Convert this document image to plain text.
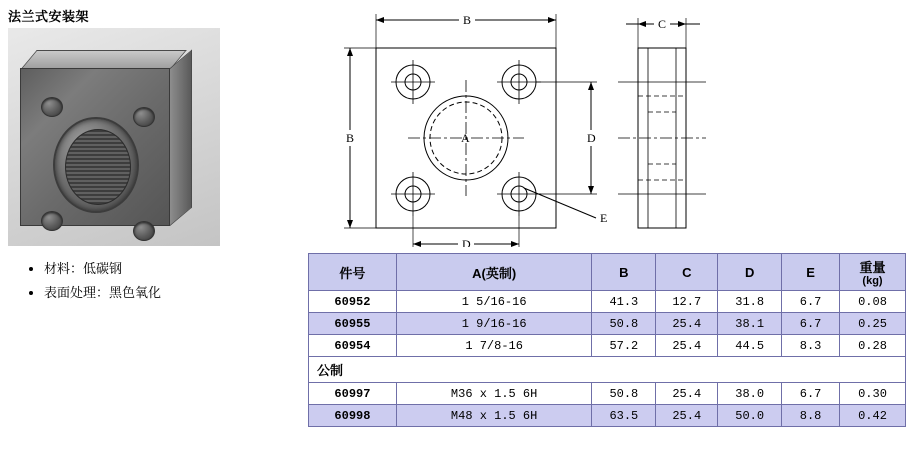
法兰式安装架
• 材料：低碳钢
• 表面处理：黑色氧化
B
B
D
D
A
E
C
件号	A(英制)	B	C	D	E	重量
(kg)

60952	1 5/16-16	41.3	12.7	31.8	6.7	0.08
60955	1 9/16-16	50.8	25.4	38.1	6.7	0.25
60954	1 7/8-16	57.2	25.4	44.5	8.3	0.28
公制						
60997	M36 x 1.5 6H	50.8	25.4	38.0	6.7	0.30
60998	M48 x 1.5 6H	63.5	25.4	50.0	8.8	0.42
